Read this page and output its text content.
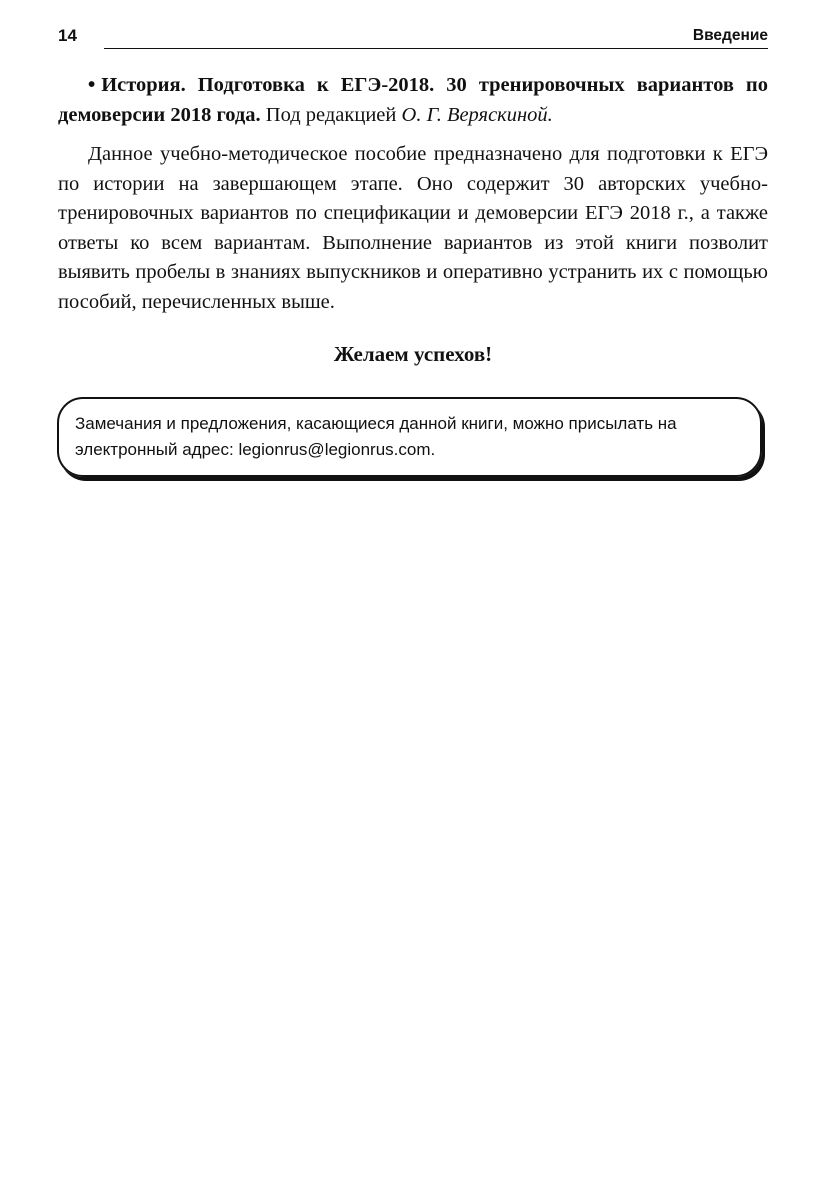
14	Введение

• История. Подготовка к ЕГЭ-2018. 30 тренировочных вариантов по демоверсии 2018 года. Под редакцией О. Г. Веряскиной.

Данное учебно-методическое пособие предназначено для подготовки к ЕГЭ по истории на завершающем этапе. Оно содержит 30 авторских учебно-тренировочных вариантов по спецификации и демоверсии ЕГЭ 2018 г., а также ответы ко всем вариантам. Выполнение вариантов из этой книги позволит выявить пробелы в знаниях выпускников и оперативно устранить их с помощью пособий, перечисленных выше.

Желаем успехов!
Замечания и предложения, касающиеся данной книги, можно присылать на электронный адрес: legionrus@legionrus.com.
